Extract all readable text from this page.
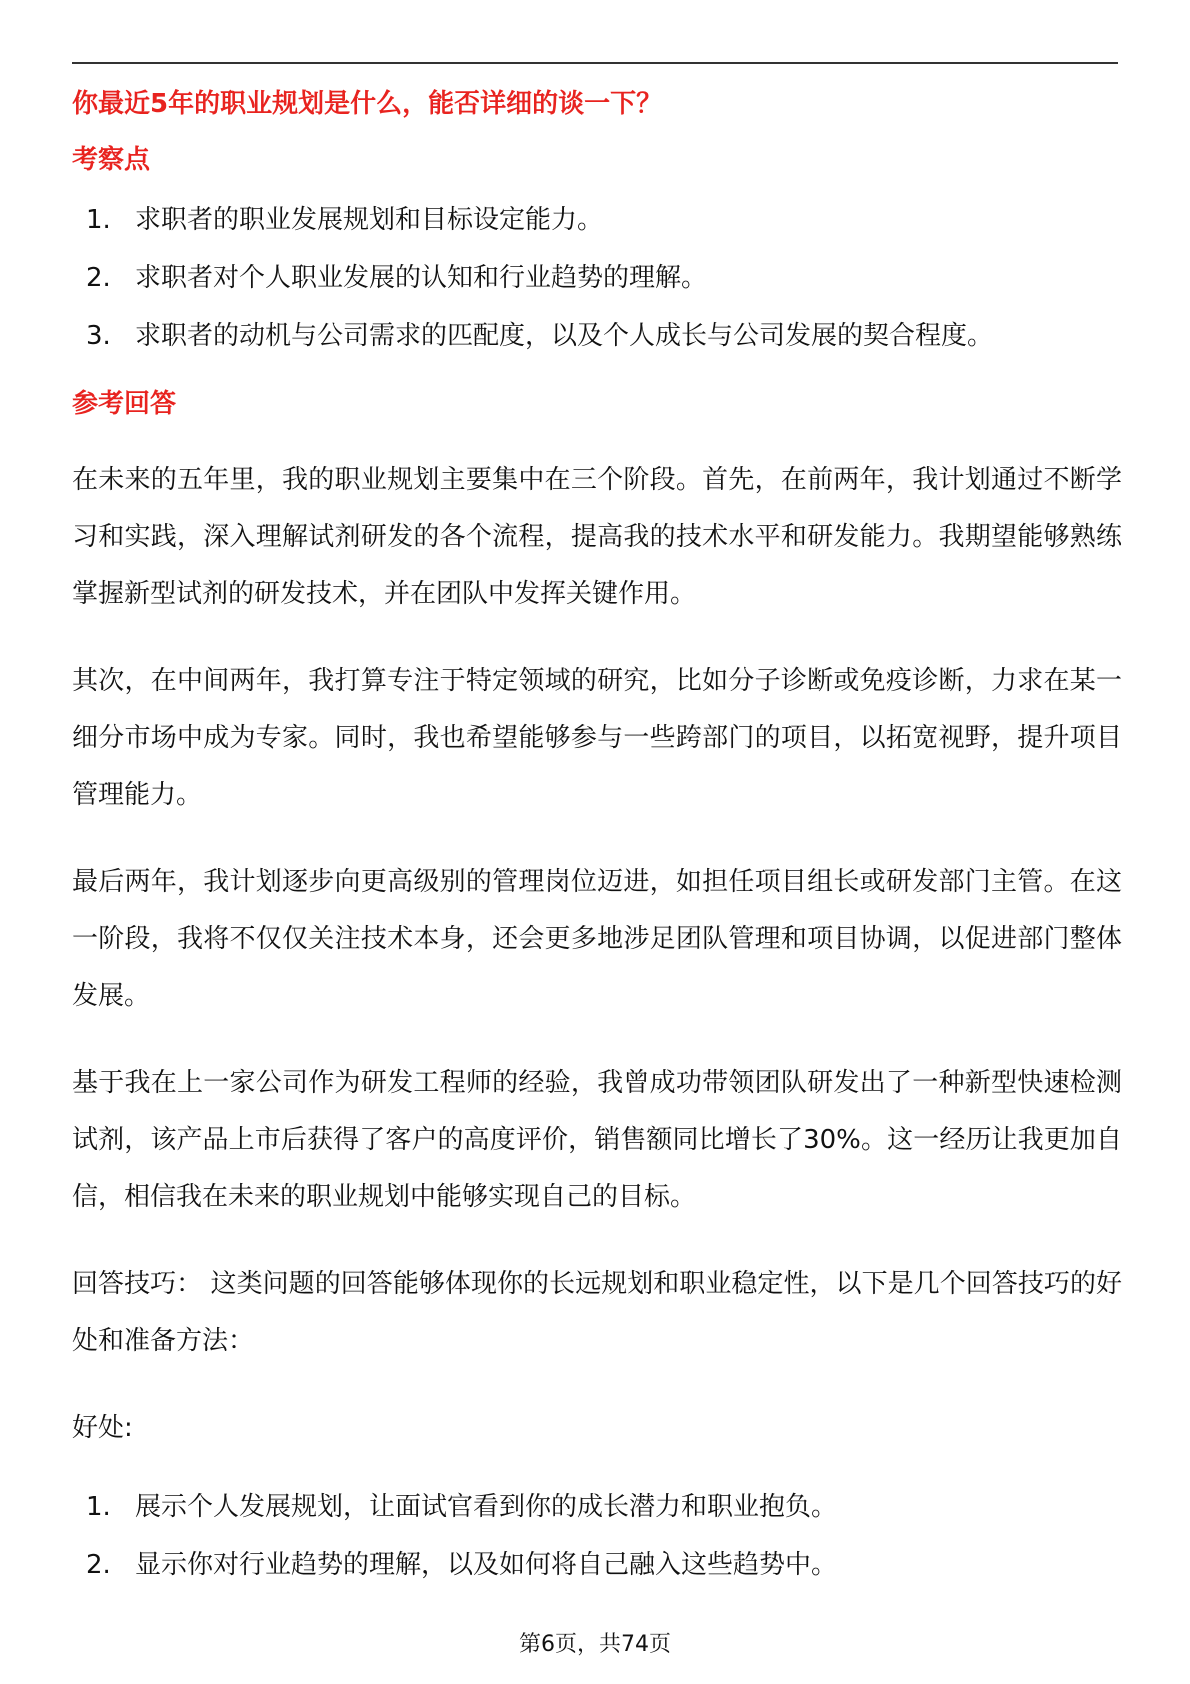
你最近5年的职业规划是什么，能否详细的谈一下？

考察点

1. 求职者的职业发展规划和目标设定能力。
2. 求职者对个人职业发展的认知和行业趋势的理解。
3. 求职者的动机与公司需求的匹配度，以及个人成长与公司发展的契合程度。

参考回答

在未来的五年里，我的职业规划主要集中在三个阶段。首先，在前两年，我计划通过不断学习和实践，深入理解试剂研发的各个流程，提高我的技术水平和研发能力。我期望能够熟练掌握新型试剂的研发技术，并在团队中发挥关键作用。

其次，在中间两年，我打算专注于特定领域的研究，比如分子诊断或免疫诊断，力求在某一细分市场中成为专家。同时，我也希望能够参与一些跨部门的项目，以拓宽视野，提升项目管理能力。

最后两年，我计划逐步向更高级别的管理岗位迈进，如担任项目组长或研发部门主管。在这一阶段，我将不仅仅关注技术本身，还会更多地涉足团队管理和项目协调，以促进部门整体发展。

基于我在上一家公司作为研发工程师的经验，我曾成功带领团队研发出了一种新型快速检测试剂，该产品上市后获得了客户的高度评价，销售额同比增长了30%。这一经历让我更加自信，相信我在未来的职业规划中能够实现自己的目标。

回答技巧： 这类问题的回答能够体现你的长远规划和职业稳定性，以下是几个回答技巧的好处和准备方法：

好处:

1. 展示个人发展规划，让面试官看到你的成长潜力和职业抱负。
2. 显示你对行业趋势的理解，以及如何将自己融入这些趋势中。
第6页，共74页
